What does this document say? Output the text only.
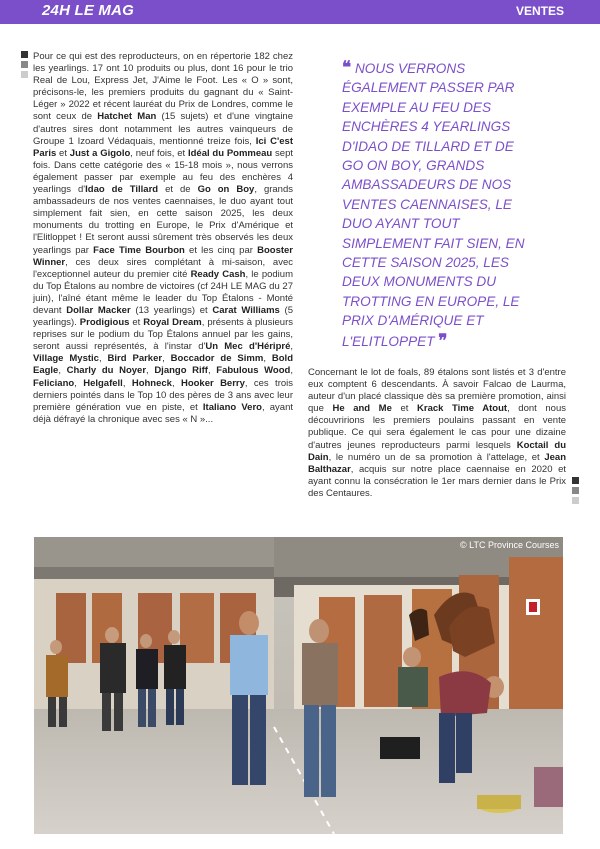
24H LE MAG	VENTES
Pour ce qui est des reproducteurs, on en répertorie 182 chez les yearlings. 17 ont 10 produits ou plus, dont 16 pour le trio Real de Lou, Express Jet, J'Aime le Foot. Les « O » sont, précisons-le, les premiers produits du gagnant du « Saint-Léger » 2022 et récent lauréat du Prix de Londres, comme le sont ceux de Hatchet Man (15 sujets) et d'une vingtaine d'autres sires dont notamment les autres vainqueurs de Groupe 1 Izoard Védaquais, mentionné treize fois, Ici C'est Paris et Just a Gigolo, neuf fois, et Idéal du Pommeau sept fois. Dans cette catégorie des « 15-18 mois », nous verrons également passer par exemple au feu des enchères 4 yearlings d'Idao de Tillard et de Go on Boy, grands ambassadeurs de nos ventes caennaises, le duo ayant tout simplement fait sien, en cette saison 2025, les deux monuments du trotting en Europe, le Prix d'Amérique et l'Elitloppet ! Et seront aussi sûrement très observés les deux yearlings par Face Time Bourbon et les cinq par Booster Winner, ces deux sires complétant à mi-saison, avec l'exceptionnel auteur du premier cité Ready Cash, le podium du Top Étalons au nombre de victoires (cf 24H LE MAG du 27 juin), l'aîné étant même le leader du Top Étalons - Monté devant Dollar Macker (13 yearlings) et Carat Williams (5 yearlings). Prodigious et Royal Dream, présents à plusieurs reprises sur le podium du Top Étalons annuel par les gains, seront aussi représentés, à l'instar d'Un Mec d'Héripré, Village Mystic, Bird Parker, Boccador de Simm, Bold Eagle, Charly du Noyer, Django Riff, Fabulous Wood, Feliciano, Helgafell, Hohneck, Hooker Berry, ces trois derniers pointés dans le Top 10 des pères de 3 ans avec leur première génération vue en piste, et Italiano Vero, ayant déjà défrayé la chronique avec ses « N »...
❝ NOUS VERRONS ÉGALEMENT PASSER PAR EXEMPLE AU FEU DES ENCHÈRES 4 YEARLINGS D'IDAO DE TILLARD ET DE GO ON BOY, GRANDS AMBASSADEURS DE NOS VENTES CAENNAISES, LE DUO AYANT TOUT SIMPLEMENT FAIT SIEN, EN CETTE SAISON 2025, LES DEUX MONUMENTS DU TROTTING EN EUROPE, LE PRIX D'AMÉRIQUE ET L'ELITLOPPET ❞
Concernant le lot de foals, 89 étalons sont listés et 3 d'entre eux comptent 6 descendants. À savoir Falcao de Laurma, auteur d'un placé classique dès sa première promotion, ainsi que He and Me et Krack Time Atout, dont nous découvririons les premiers poulains passant en vente publique. Ce qui sera également le cas pour une dizaine d'autres jeunes reproducteurs parmi lesquels Koctail du Dain, le numéro un de sa promotion à l'attelage, et Jean Balthazar, acquis sur notre place caennaise en 2020 et ayant connu la consécration le 1er mars dernier dans le Prix des Centaures.
© LTC Province Courses
